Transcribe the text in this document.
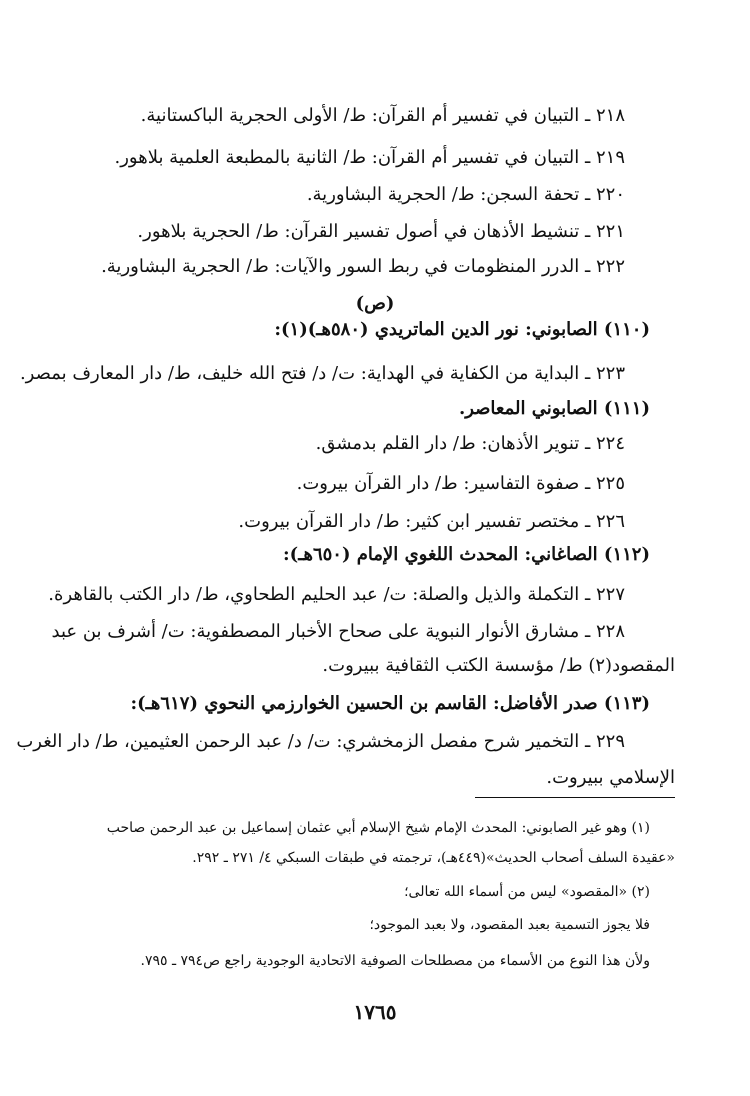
٢١٨ ـ التبيان في تفسير أم القرآن: ط/ الأولى الحجرية الباكستانية.
٢١٩ ـ التبيان في تفسير أم القرآن: ط/ الثانية بالمطبعة العلمية بلاهور.
٢٢٠ ـ تحفة السجن: ط/ الحجرية البشاورية.
٢٢١ ـ تنشيط الأذهان في أصول تفسير القرآن: ط/ الحجرية بلاهور.
٢٢٢ ـ الدرر المنظومات في ربط السور والآيات: ط/ الحجرية البشاورية.
(ص)
(١١٠) الصابوني: نور الدين الماتريدي (٥٨٠هـ)(١):
٢٢٣ ـ البداية من الكفاية في الهداية: ت/ د/ فتح الله خليف، ط/ دار المعارف بمصر.
(١١١) الصابوني المعاصر.
٢٢٤ ـ تنوير الأذهان: ط/ دار القلم بدمشق.
٢٢٥ ـ صفوة التفاسير: ط/ دار القرآن بيروت.
٢٢٦ ـ مختصر تفسير ابن كثير: ط/ دار القرآن بيروت.
(١١٢) الصاغاني: المحدث اللغوي الإمام (٦٥٠هـ):
٢٢٧ ـ التكملة والذيل والصلة: ت/ عبد الحليم الطحاوي، ط/ دار الكتب بالقاهرة.
٢٢٨ ـ مشارق الأنوار النبوية على صحاح الأخبار المصطفوية: ت/ أشرف بن عبد
المقصود(٢) ط/ مؤسسة الكتب الثقافية ببيروت.
(١١٣) صدر الأفاضل: القاسم بن الحسين الخوارزمي النحوي (٦١٧هـ):
٢٢٩ ـ التخمير شرح مفصل الزمخشري: ت/ د/ عبد الرحمن العثيمين، ط/ دار الغرب
الإسلامي ببيروت.
(١) وهو غير الصابوني: المحدث الإمام شيخ الإسلام أبي عثمان إسماعيل بن عبد الرحمن صاحب
«عقيدة السلف أصحاب الحديث»(٤٤٩هـ)، ترجمته في طبقات السبكي ٤/ ٢٧١ ـ ٢٩٢.
(٢) «المقصود» ليس من أسماء الله تعالى؛
فلا يجوز التسمية بعبد المقصود، ولا بعبد الموجود؛
ولأن هذا النوع من الأسماء من مصطلحات الصوفية الاتحادية الوجودية راجع ص٧٩٤ ـ ٧٩٥.
١٧٦٥
